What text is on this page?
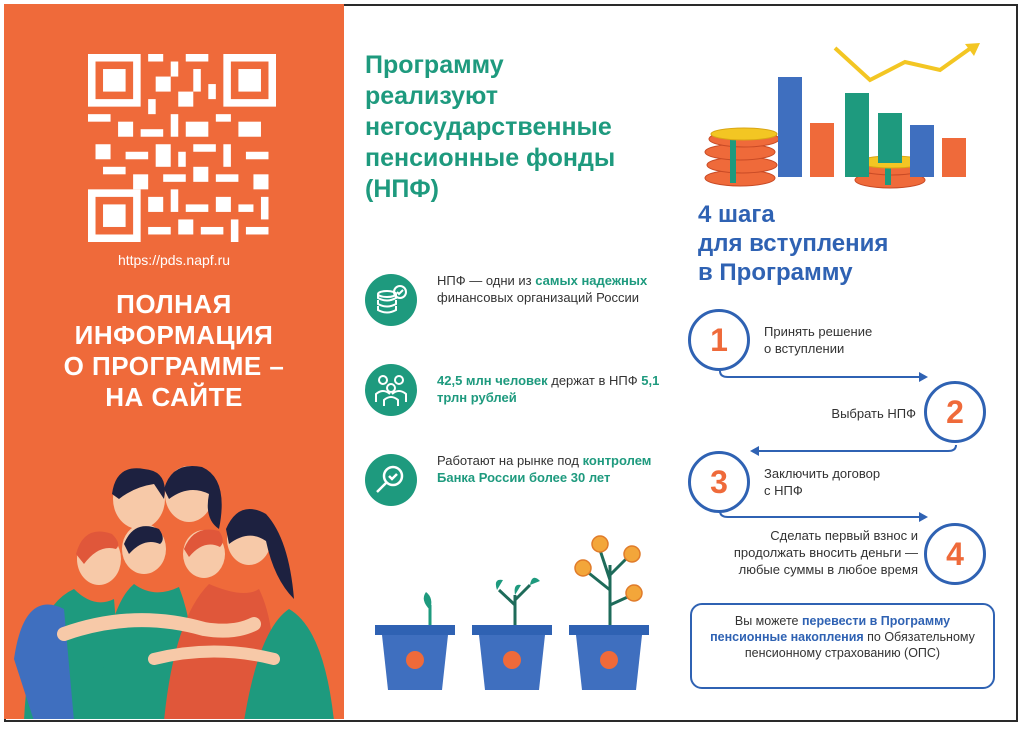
https://pds.napf.ru
ПОЛНАЯ
ИНФОРМАЦИЯ
О ПРОГРАММЕ –
НА САЙТЕ
Программу
реализуют
негосударственные
пенсионные фонды
(НПФ)
НПФ — одни из самых надежных финансовых организаций России
42,5 млн человек держат в НПФ 5,1 трлн рублей
Работают на рынке под контролем Банка России более 30 лет
4 шага
для вступления
в Программу
1	Принять решение
о вступлении
2
Выбрать НПФ
3	Заключить договор
с НПФ
4
Сделать первый взнос и
продолжать вносить деньги —
любые суммы в любое время
Вы можете перевести в Программу пенсионные накопления по Обязательному пенсионному страхованию (ОПС)
